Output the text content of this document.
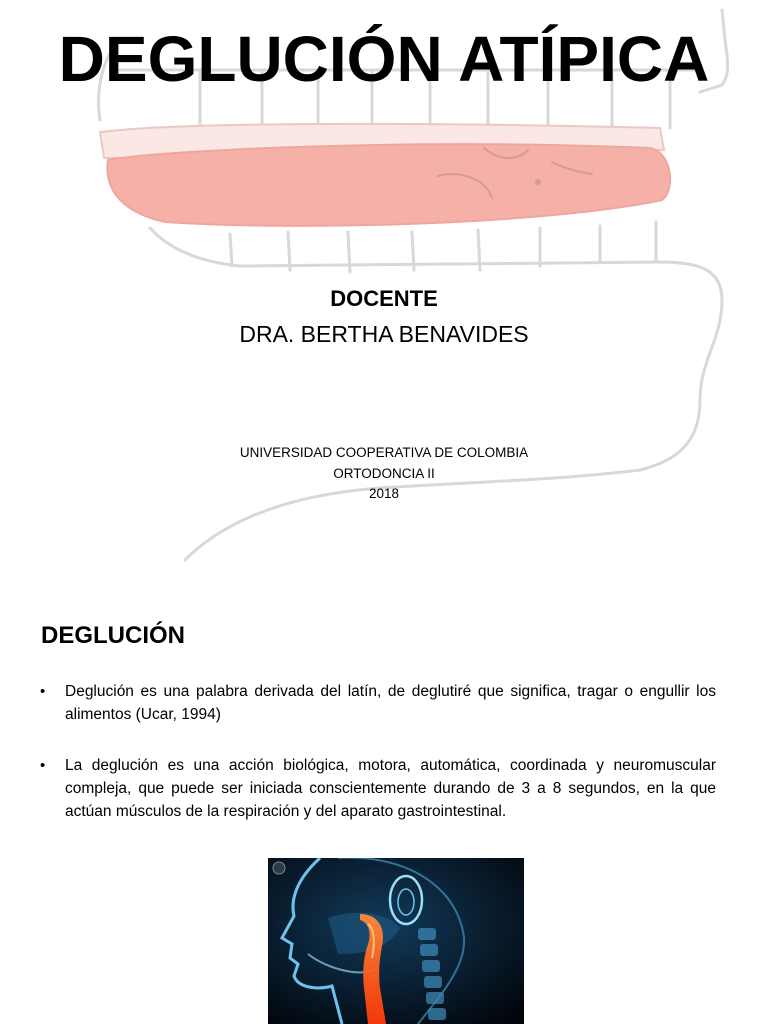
DEGLUCIÓN ATÍPICA
DOCENTE
DRA. BERTHA BENAVIDES
UNIVERSIDAD COOPERATIVA DE COLOMBIA
ORTODONCIA II
2018
DEGLUCIÓN
• Deglución es una palabra derivada del latín, de deglutiré que significa, tragar o engullir los alimentos (Ucar, 1994)
• La deglución es una acción biológica, motora, automática, coordinada y neuromuscular compleja, que puede ser iniciada conscientemente durando de 3 a 8 segundos, en la que actúan músculos de la respiración y del aparato gastrointestinal.
